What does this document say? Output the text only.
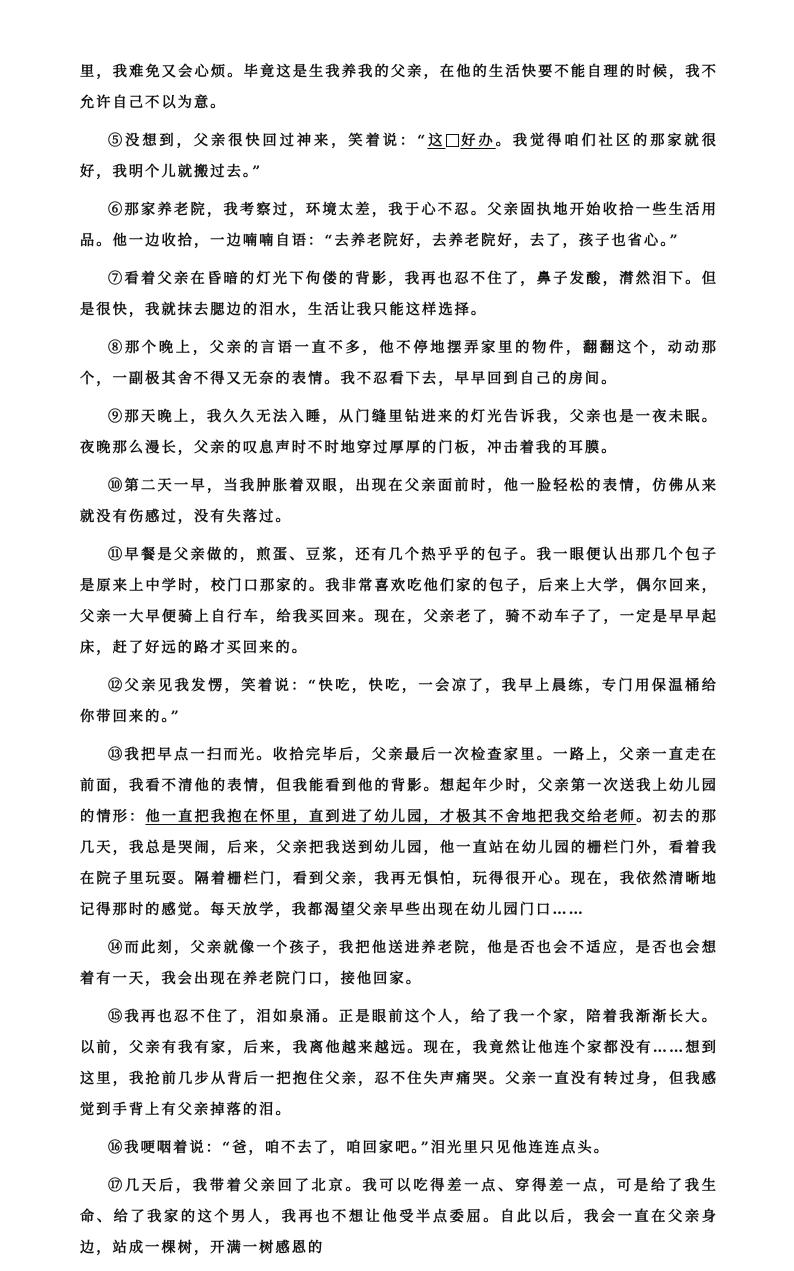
里，我难免又会心烦。毕竟这是生我养我的父亲，在他的生活快要不能自理的时候，我不允许自己不以为意。

⑤没想到，父亲很快回过神来，笑着说：“这 好办。我觉得咱们社区的那家就很好，我明个儿就搬过去。”

⑥那家养老院，我考察过，环境太差，我于心不忍。父亲固执地开始收拾一些生活用品。他一边收拾，一边喃喃自语：“去养老院好，去养老院好，去了，孩子也省心。”

⑦看着父亲在昏暗的灯光下佝偻的背影，我再也忍不住了，鼻子发酸，潸然泪下。但是很快，我就抹去腮边的泪水，生活让我只能这样选择。

⑧那个晚上，父亲的言语一直不多，他不停地摆弄家里的物件，翻翻这个，动动那个，一副极其舍不得又无奈的表情。我不忍看下去，早早回到自己的房间。

⑨那天晚上，我久久无法入睡，从门缝里钻进来的灯光告诉我，父亲也是一夜未眠。夜晚那么漫长，父亲的叹息声时不时地穿过厚厚的门板，冲击着我的耳膜。

⑩第二天一早，当我肿胀着双眼，出现在父亲面前时，他一脸轻松的表情，仿佛从来就没有伤感过，没有失落过。

⑪早餐是父亲做的，煎蛋、豆浆，还有几个热乎乎的包子。我一眼便认出那几个包子是原来上中学时，校门口那家的。我非常喜欢吃他们家的包子，后来上大学，偶尔回来，父亲一大早便骑上自行车，给我买回来。现在，父亲老了，骑不动车子了，一定是早早起床，赶了好远的路才买回来的。

⑫父亲见我发愣，笑着说：“快吃，快吃，一会凉了，我早上晨练，专门用保温桶给你带回来的。”

⑬我把早点一扫而光。收拾完毕后，父亲最后一次检查家里。一路上，父亲一直走在前面，我看不清他的表情，但我能看到他的背影。想起年少时，父亲第一次送我上幼儿园的情形：他一直把我抱在怀里，直到进了幼儿园，才极其不舍地把我交给老师。初去的那几天，我总是哭闹，后来，父亲把我送到幼儿园，他一直站在幼儿园的栅栏门外，看着我在院子里玩耍。隔着栅栏门，看到父亲，我再无惧怕，玩得很开心。现在，我依然清晰地记得那时的感觉。每天放学，我都渴望父亲早些出现在幼儿园门口……

⑭而此刻，父亲就像一个孩子，我把他送进养老院，他是否也会不适应，是否也会想着有一天，我会出现在养老院门口，接他回家。

⑮我再也忍不住了，泪如泉涌。正是眼前这个人，给了我一个家，陪着我渐渐长大。以前，父亲有我有家，后来，我离他越来越远。现在，我竟然让他连个家都没有……想到这里，我抢前几步从背后一把抱住父亲，忍不住失声痛哭。父亲一直没有转过身，但我感觉到手背上有父亲掉落的泪。

⑯我哽咽着说：“爸，咱不去了，咱回家吧。”泪光里只见他连连点头。

⑰几天后，我带着父亲回了北京。我可以吃得差一点、穿得差一点，可是给了我生命、给了我家的这个男人，我再也不想让他受半点委屈。自此以后，我会一直在父亲身边，站成一棵树，开满一树感恩的
